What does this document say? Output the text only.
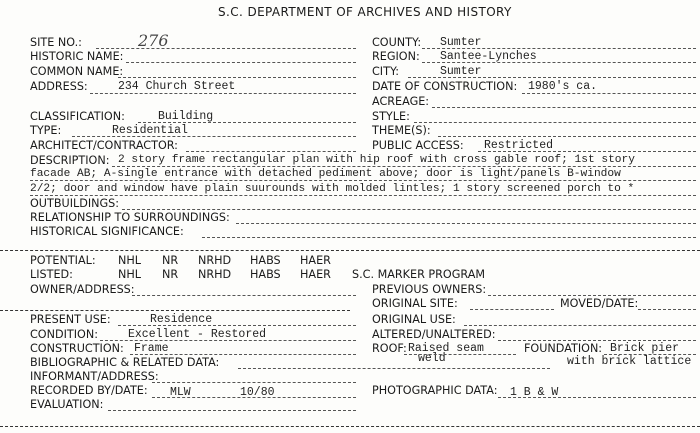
S.C. DEPARTMENT OF ARCHIVES AND HISTORY
SITE NO.:	276
HISTORIC NAME:
COMMON NAME:
ADDRESS:	234 Church Street
COUNTY: Sumter
REGION: Santee-Lynches
CITY:	Sumter
DATE OF CONSTRUCTION: 1980's ca.
ACREAGE:
CLASSIFICATION:	Building
TYPE:	Residential
ARCHITECT/CONTRACTOR:
STYLE:
THEME(S):
PUBLIC ACCESS: Restricted
DESCRIPTION: 2 story frame rectangular plan with hip roof with cross gable roof; 1st story
facade AB; A-single entrance with detached pediment above; door is light/panels B-window
2/2; door and window have plain suurounds with molded lintles; 1 story screened porch to *
OUTBUILDINGS:
RELATIONSHIP TO SURROUNDINGS:
HISTORICAL SIGNIFICANCE:
POTENTIAL: NHL NR NRHD HABS HAER
LISTED:	NHL NR NRHD HABS HAER S.C. MARKER PROGRAM
OWNER/ADDRESS:	PREVIOUS OWNERS:
ORIGINAL SITE:	MOVED/DATE:
PRESENT USE:	Residence	ORIGINAL USE:
CONDITION:	Excellent - Restored	ALTERED/UNALTERED:
CONSTRUCTION: Frame	ROOF: Raised seam
weld
FOUNDATION: Brick pier
with brick lattice
BIBLIOGRAPHIC & RELATED DATA:
INFORMANT/ADDRESS:
RECORDED BY/DATE: MLW	10/80	PHOTOGRAPHIC DATA: 1 B & W
EVALUATION:
